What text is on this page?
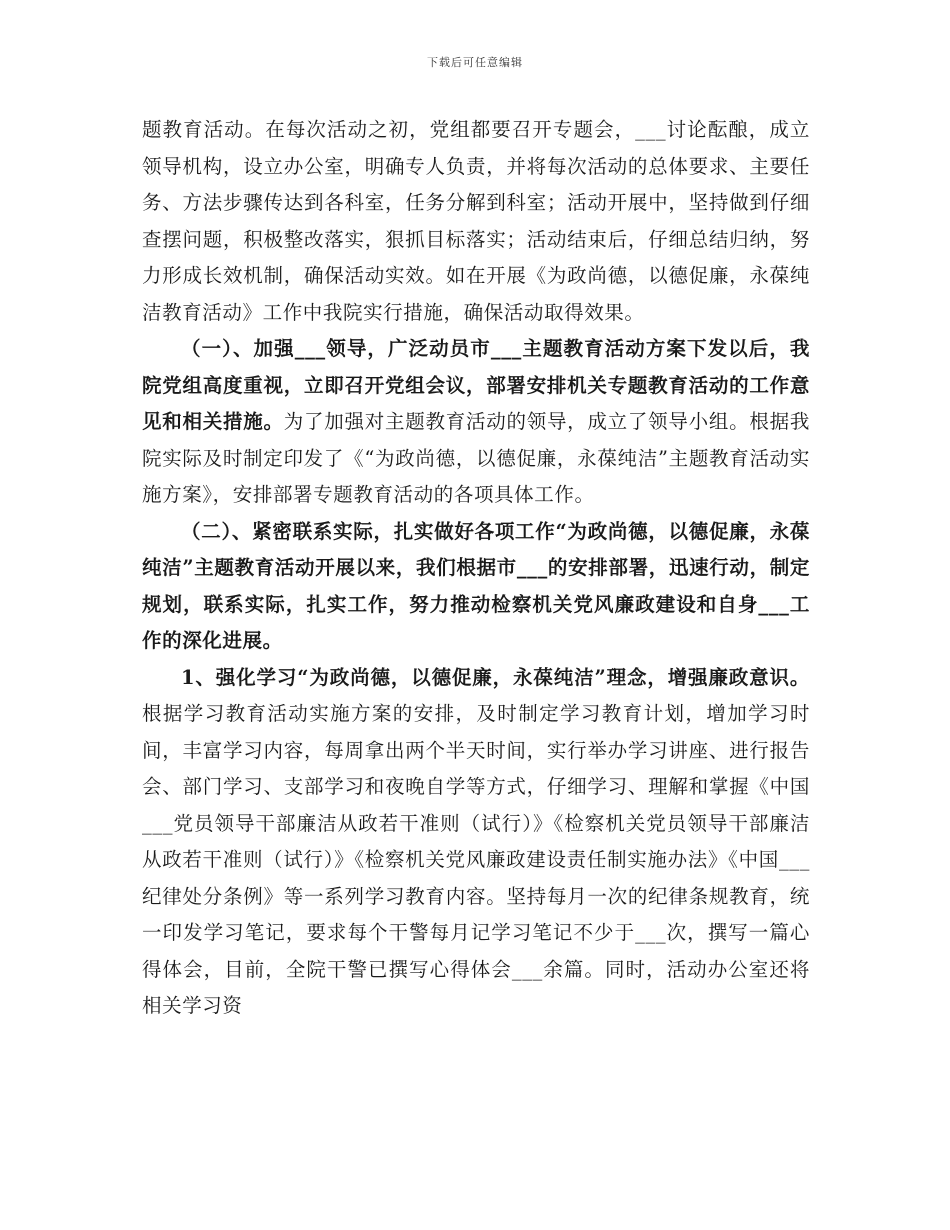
下载后可任意编辑

题教育活动。在每次活动之初，党组都要召开专题会，___讨论酝酿，成立领导机构，设立办公室，明确专人负责，并将每次活动的总体要求、主要任务、方法步骤传达到各科室，任务分解到科室；活动开展中，坚持做到仔细查摆问题，积极整改落实，狠抓目标落实；活动结束后，仔细总结归纳，努力形成长效机制，确保活动实效。如在开展《为政尚德，以德促廉，永葆纯洁教育活动》工作中我院实行措施，确保活动取得效果。

（一）、加强___领导，广泛动员市___主题教育活动方案下发以后，我院党组高度重视，立即召开党组会议，部署安排机关专题教育活动的工作意见和相关措施。为了加强对主题教育活动的领导，成立了领导小组。根据我院实际及时制定印发了《“为政尚德，以德促廉，永葆纯洁”主题教育活动实施方案》，安排部署专题教育活动的各项具体工作。

（二）、紧密联系实际，扎实做好各项工作“为政尚德，以德促廉，永葆纯洁”主题教育活动开展以来，我们根据市___的安排部署，迅速行动，制定规划，联系实际，扎实工作，努力推动检察机关党风廉政建设和自身___工作的深化进展。

1、强化学习“为政尚德，以德促廉，永葆纯洁”理念，增强廉政意识。根据学习教育活动实施方案的安排，及时制定学习教育计划，增加学习时间，丰富学习内容，每周拿出两个半天时间，实行举办学习讲座、进行报告会、部门学习、支部学习和夜晚自学等方式，仔细学习、理解和掌握《中国___党员领导干部廉洁从政若干准则（试行）》《检察机关党员领导干部廉洁从政若干准则（试行）》《检察机关党风廉政建设责任制实施办法》《中国___纪律处分条例》等一系列学习教育内容。坚持每月一次的纪律条规教育，统一印发学习笔记，要求每个干警每月记学习笔记不少于___次，撰写一篇心得体会，目前，全院干警已撰写心得体会___余篇。同时，活动办公室还将相关学习资
